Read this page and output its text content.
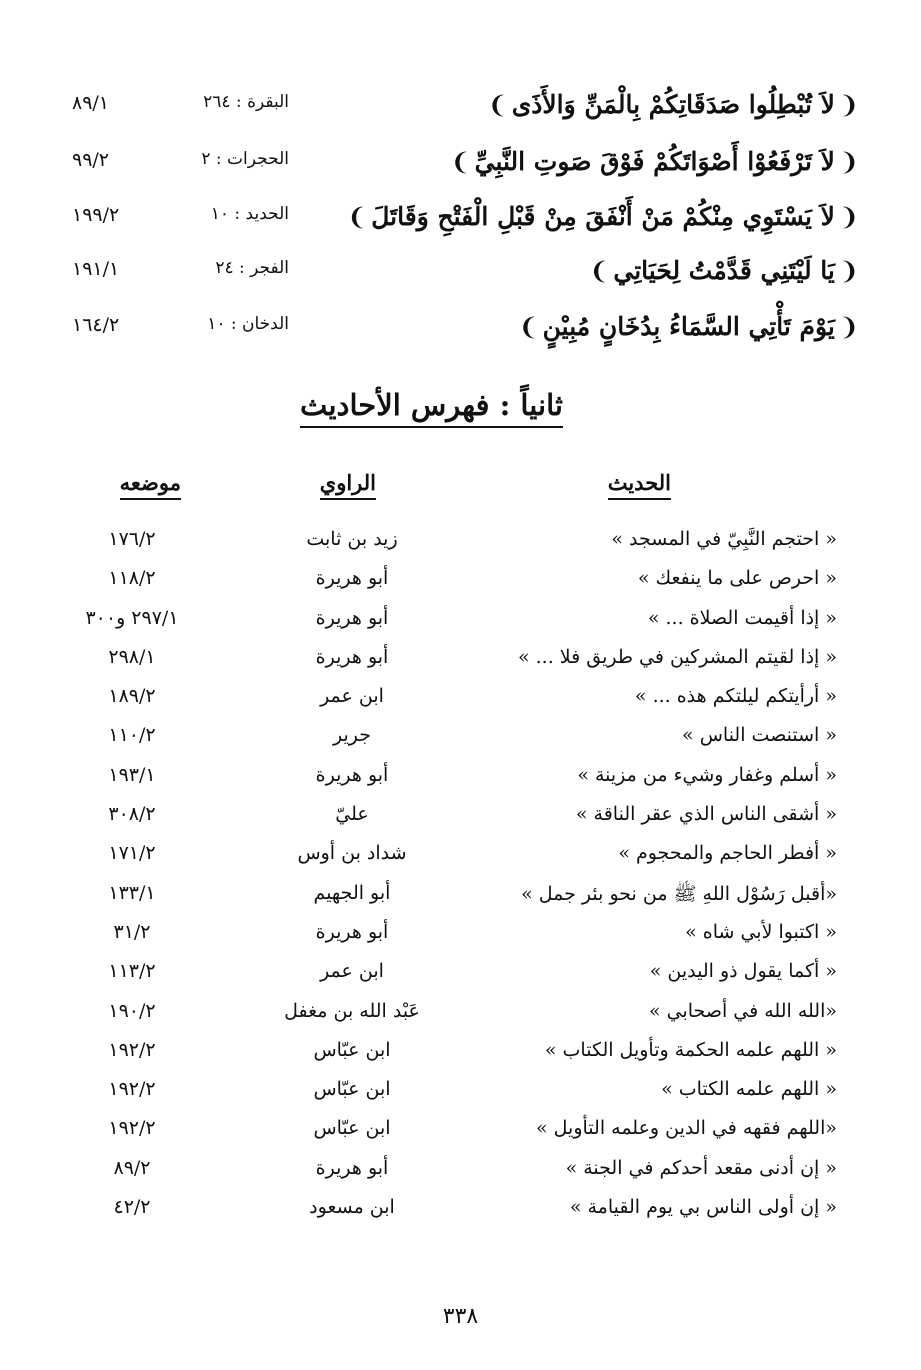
❨
لاَ تُبْطِلُوا صَدَقَاتِكُمْ بِالْمَنِّ وَالأَذَى
❩
البقرة : ٢٦٤
٨٩/١
❨
لاَ تَرْفَعُوْا أَصْوَاتَكُمْ فَوْقَ صَوتِ النَّبِيِّ
❩
الحجرات : ٢
٩٩/٢
❨
لاَ يَسْتَوِي مِنْكُمْ مَنْ أَنْفَقَ مِنْ قَبْلِ الْفَتْحِ وَقَاتَلَ
❩
الحديد : ١٠
١٩٩/٢
❨
يَا لَيْتَنِي قَدَّمْتُ لِحَيَاتِي
❩
الفجر : ٢٤
١٩١/١
❨
يَوْمَ تَأْتِي السَّمَاءُ بِدُخَانٍ مُبِيْنٍ
❩
الدخان : ١٠
١٦٤/٢
ثانياً : فهرس الأحاديث
الحديث
الراوي
موضعه
« احتجم النَّبِيّ في المسجد »
زيد بن ثابت
١٧٦/٢
« احرص على ما ينفعك »
أبو هريرة
١١٨/٢
« إذا أقيمت الصلاة ... »
أبو هريرة
٢٩٧/١ و٣٠٠
« إذا لقيتم المشركين في طريق فلا ... »
أبو هريرة
٢٩٨/١
« أرأيتكم ليلتكم هذه ... »
ابن عمر
١٨٩/٢
« استنصت الناس »
جرير
١١٠/٢
« أسلم وغفار وشيء من مزينة »
أبو هريرة
١٩٣/١
« أشقى الناس الذي عقر الناقة »
عليّ
٣٠٨/٢
« أفطر الحاجم والمحجوم »
شداد بن أوس
١٧١/٢
«أقبل رَسُوْل اللهِ ﷺ من نحو بئر جمل »
أبو الجهيم
١٣٣/١
« اكتبوا لأبي شاه »
أبو هريرة
٣١/٢
« أكما يقول ذو اليدين »
ابن عمر
١١٣/٢
«الله الله في أصحابي »
عَبْد الله بن مغفل
١٩٠/٢
« اللهم علمه الحكمة وتأويل الكتاب »
ابن عبّاس
١٩٢/٢
« اللهم علمه الكتاب »
ابن عبّاس
١٩٢/٢
«اللهم فقهه في الدين وعلمه التأويل »
ابن عبّاس
١٩٢/٢
« إن أدنى مقعد أحدكم في الجنة »
أبو هريرة
٨٩/٢
« إن أولى الناس بي يوم القيامة »
ابن مسعود
٤٢/٢
٣٣٨
